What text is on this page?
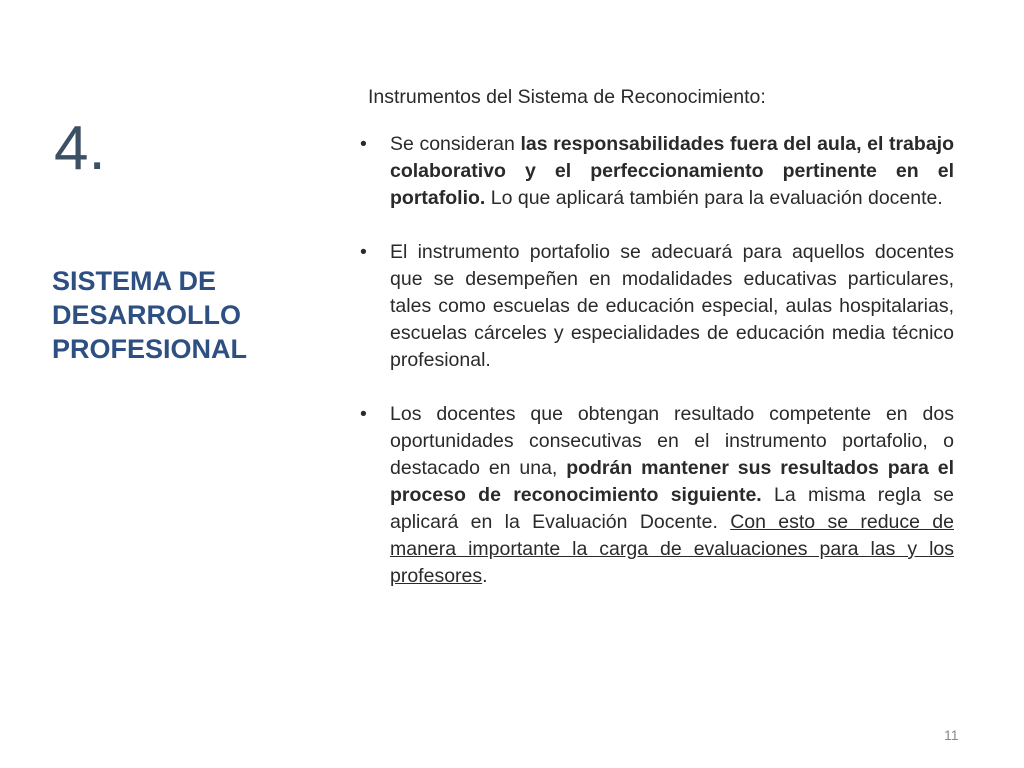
4.
SISTEMA DE
DESARROLLO
PROFESIONAL
Instrumentos del Sistema de Reconocimiento:
• Se consideran las responsabilidades fuera del aula, el trabajo colaborativo y el perfeccionamiento pertinente en el portafolio. Lo que aplicará también para la evaluación docente.
• El instrumento portafolio se adecuará para aquellos docentes que se desempeñen en modalidades educativas particulares, tales como escuelas de educación especial, aulas hospitalarias, escuelas cárceles y especialidades de educación media técnico profesional.
• Los docentes que obtengan resultado competente en dos oportunidades consecutivas en el instrumento portafolio, o destacado en una, podrán mantener sus resultados para el proceso de reconocimiento siguiente. La misma regla se aplicará en la Evaluación Docente. Con esto se reduce de manera importante la carga de evaluaciones para las y los profesores.
11
